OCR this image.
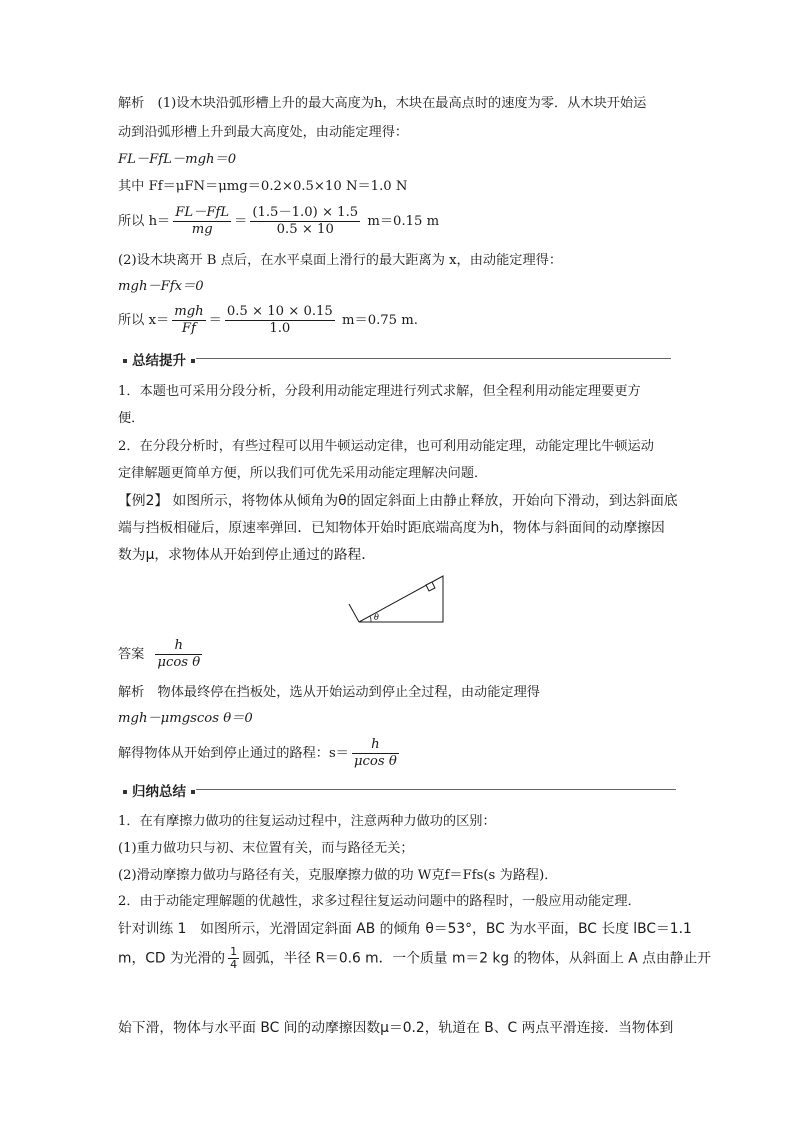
解析　(1)设木块沿弧形槽上升的最大高度为h，木块在最高点时的速度为零．从木块开始运
动到沿弧形槽上升到最大高度处，由动能定理得：
FL－FfL－mgh＝0
其中 Ff＝μFN＝μmg＝0.2×0.5×10 N＝1.0 N
所以 $h= \frac{\text{FL－FfL}}{mg} = \frac{(1.5-1.0) \times 1.5}{0.5 \times 10} m=0.15$ m
(2)设木块离开 B 点后，在水平桌面上滑行的最大距离为 x，由动能定理得：
mgh－Ffx＝0
所以 $x= \frac{\text{mgh}}{Ff} = \frac{0.5 \times 10 \times 0.15}{1.0} m=0.75$ m.
总结提升
1．本题也可采用分段分析，分段利用动能定理进行列式求解，但全程利用动能定理要更方
便．
2．在分段分析时，有些过程可以用牛顿运动定律，也可利用动能定理，动能定理比牛顿运动
定律解题更简单方便，所以我们可优先采用动能定理解决问题．
【例2】 如图所示，将物体从倾角为θ的固定斜面上由静止释放，开始向下滑动，到达斜面底
端与挡板相碰后，原速率弹回．已知物体开始时距底端高度为h，物体与斜面间的动摩擦因
数为μ，求物体从开始到停止通过的路程．
θ
答案 $\frac{h}{\text{μcos θ}}$
解析　物体最终停在挡板处，选从开始运动到停止全过程，由动能定理得
mgh－μmgscos θ＝0
解得物体从开始到停止通过的路程：$s= \frac{h}{\text{μcos θ}}$
归纳总结
1．在有摩擦力做功的往复运动过程中，注意两种力做功的区别：
(1)重力做功只与初、末位置有关，而与路径无关；
(2)滑动摩擦力做功与路径有关，克服摩擦力做的功 W克f＝Ffs(s 为路程)．
2．由于动能定理解题的优越性，求多过程往复运动问题中的路程时，一般应用动能定理．
针对训练 1　如图所示，光滑固定斜面 AB 的倾角 θ＝53°，BC 为水平面，BC 长度 lBC＝1.1
m，CD 为光滑的 $\frac{1}{4}$ 圆弧，半径 R＝0.6 m．一个质量 m＝2 kg 的物体，从斜面上 A 点由静止开
始下滑，物体与水平面 BC 间的动摩擦因数μ＝0.2，轨道在 B、C 两点平滑连接．当物体到
